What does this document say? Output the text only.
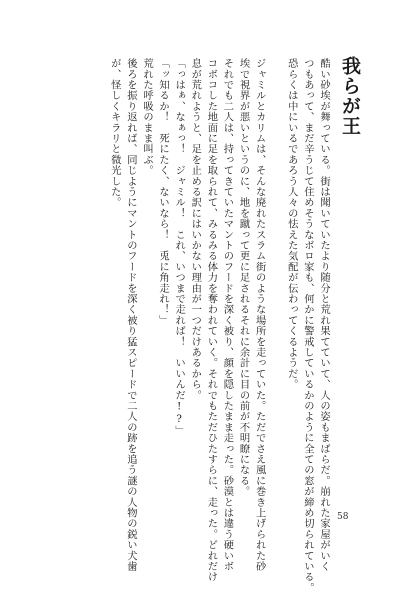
我らが王
酷い砂埃が舞っている。街は聞いていたより随分と荒れ果てていて、人の姿もまばらだ。崩れた家屋がいく
つもあって、まだ辛うじて住めそうなボロ家も、何かに警戒しているかのように全ての窓が締め切られている。
恐らくは中にいるであろう人々の怯えた気配が伝わってくるようだ。
ジャミルとカリムは、そんな廃れたスラム街のような場所を走っていた。ただでさえ風に巻き上げられた砂
埃で視界が悪いというのに、地を蹴って更に足されるそれに余計に目の前が不明瞭になる。
それでも二人は、持ってきていたマントのフードを深く被り、顔を隠したまま走った。砂漠とは違う硬いボ
コボコした地面に足を取られて、みるみる体力を奪われていく。それでもただひたすらに、走った。どれだけ
息が荒れようと、足を止める訳にはいかない理由が一つだけあるから。
「っはぁ、なぁっ！　ジャミル！　これ、いつまで走れば！　いいんだ!?」
「ッ知るか！　死にたく、ないなら！　兎に角走れ！」
荒れた呼吸のまま叫ぶ。
後ろを振り返れば、同じようにマントのフードを深く被り猛スピードで二人の跡を追う謎の人物の鋭い犬歯
が、怪しくキラリと微光した。
58
